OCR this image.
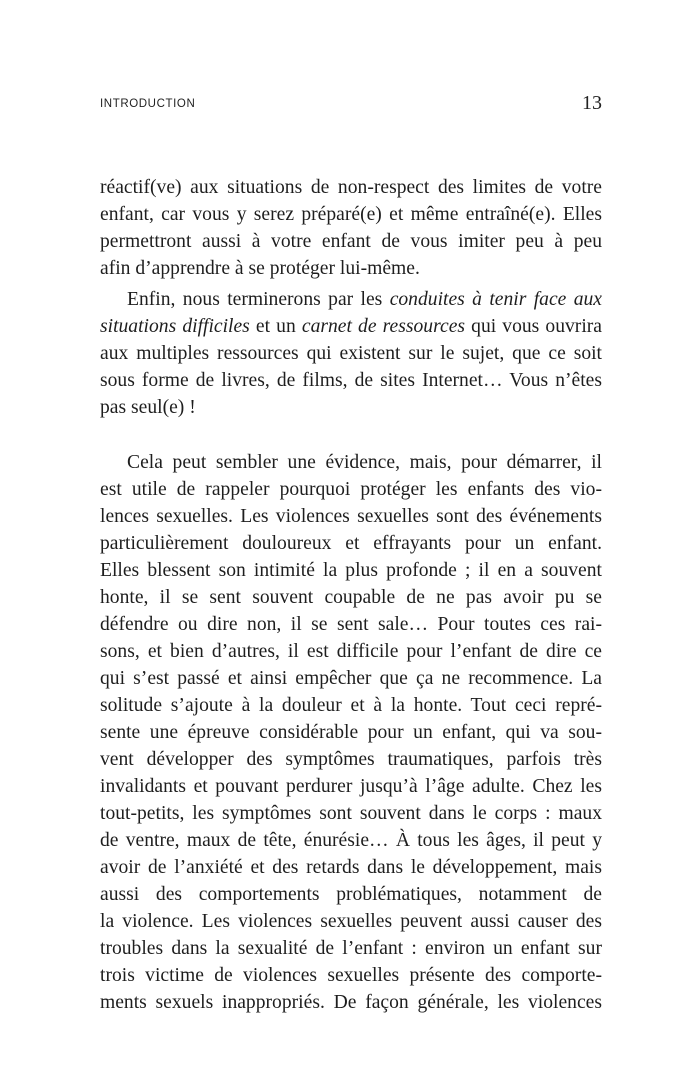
INTRODUCTION	13
réactif(ve) aux situations de non-respect des limites de votre
enfant, car vous y serez préparé(e) et même entraîné(e). Elles
permettront aussi à votre enfant de vous imiter peu à peu
afin d’apprendre à se protéger lui-même.
Enfin, nous terminerons par les conduites à tenir face aux
situations difficiles et un carnet de ressources qui vous ouvrira
aux multiples ressources qui existent sur le sujet, que ce soit
sous forme de livres, de films, de sites Internet… Vous n’êtes
pas seul(e) !
Cela peut sembler une évidence, mais, pour démarrer, il
est utile de rappeler pourquoi protéger les enfants des vio-
lences sexuelles. Les violences sexuelles sont des événements
particulièrement douloureux et effrayants pour un enfant.
Elles blessent son intimité la plus profonde ; il en a souvent
honte, il se sent souvent coupable de ne pas avoir pu se
défendre ou dire non, il se sent sale… Pour toutes ces rai-
sons, et bien d’autres, il est difficile pour l’enfant de dire ce
qui s’est passé et ainsi empêcher que ça ne recommence. La
solitude s’ajoute à la douleur et à la honte. Tout ceci repré-
sente une épreuve considérable pour un enfant, qui va sou-
vent développer des symptômes traumatiques, parfois très
invalidants et pouvant perdurer jusqu’à l’âge adulte. Chez les
tout-petits, les symptômes sont souvent dans le corps : maux
de ventre, maux de tête, énurésie… À tous les âges, il peut y
avoir de l’anxiété et des retards dans le développement, mais
aussi des comportements problématiques, notamment de
la violence. Les violences sexuelles peuvent aussi causer des
troubles dans la sexualité de l’enfant : environ un enfant sur
trois victime de violences sexuelles présente des comporte-
ments sexuels inappropriés. De façon générale, les violences
